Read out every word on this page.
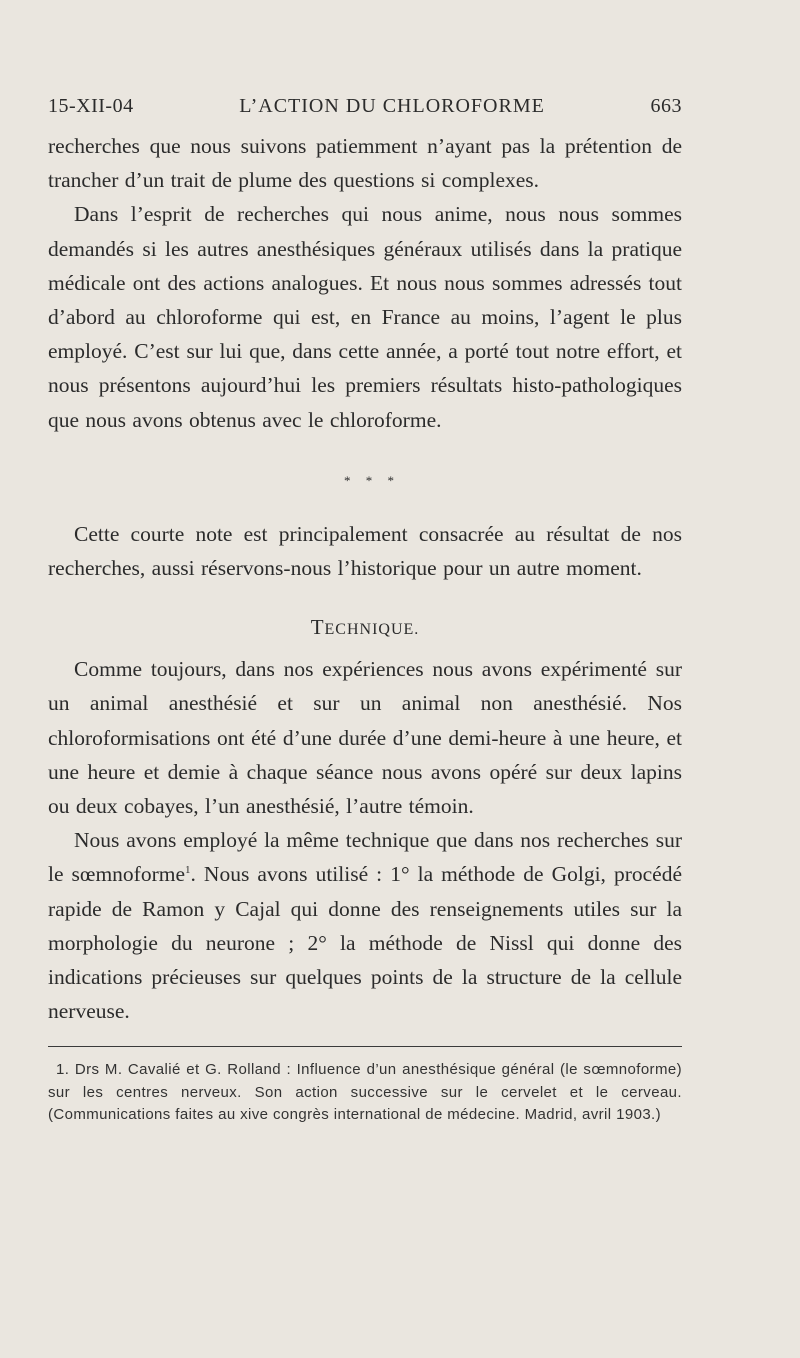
15-XII-04	L’ACTION DU CHLOROFORME	663

recherches que nous suivons patiemment n’ayant pas la prétention de trancher d’un trait de plume des questions si complexes.

Dans l’esprit de recherches qui nous anime, nous nous sommes demandés si les autres anesthésiques généraux utilisés dans la pratique médicale ont des actions analogues. Et nous nous sommes adressés tout d’abord au chloroforme qui est, en France au moins, l’agent le plus employé. C’est sur lui que, dans cette année, a porté tout notre effort, et nous présentons aujourd’hui les premiers résultats histo-pathologiques que nous avons obtenus avec le chloroforme.

* * *

Cette courte note est principalement consacrée au résultat de nos recherches, aussi réservons-nous l’historique pour un autre moment.

TECHNIQUE.

Comme toujours, dans nos expériences nous avons expérimenté sur un animal anesthésié et sur un animal non anesthésié. Nos chloroformisations ont été d’une durée d’une demi-heure à une heure, et une heure et demie à chaque séance nous avons opéré sur deux lapins ou deux cobayes, l’un anesthésié, l’autre témoin.

Nous avons employé la même technique que dans nos recherches sur le sœmnoforme$^1$. Nous avons utilisé : 1° la méthode de Golgi, procédé rapide de Ramon y Cajal qui donne des renseignements utiles sur la morphologie du neurone ; 2° la méthode de Nissl qui donne des indications précieuses sur quelques points de la structure de la cellule nerveuse.

1. Drs M. Cavalié et G. Rolland : Influence d’un anesthésique général (le sœmnoforme) sur les centres nerveux. Son action successive sur le cervelet et le cerveau. (Communications faites au xive congrès international de médecine. Madrid, avril 1903.)
